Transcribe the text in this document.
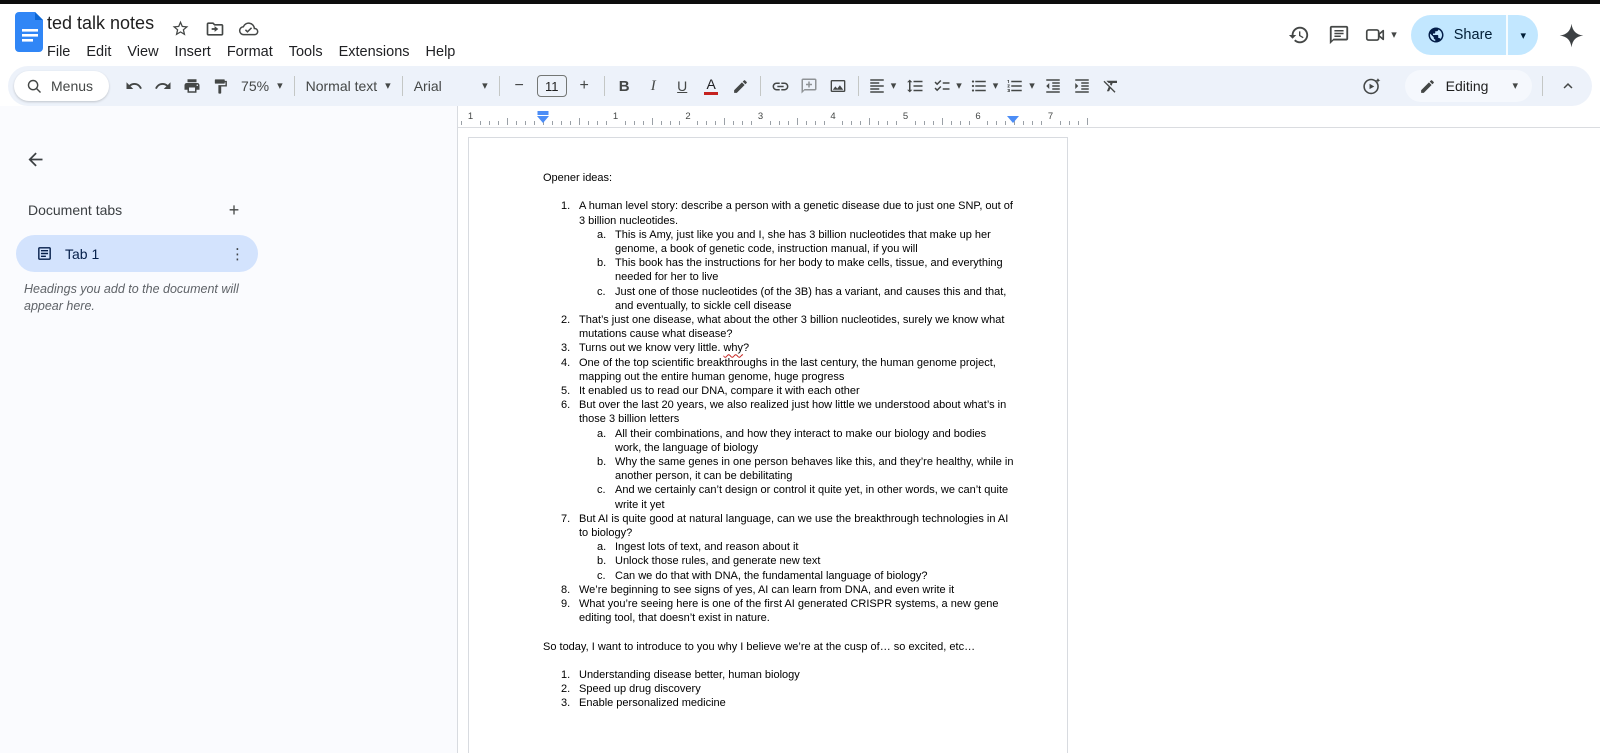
ted talk notes
File	Edit	View	Insert	Format	Tools	Extensions	Help
▾	Share	▾
Menus	75% ▾ Normal text ▾ Arial	▾	−	11	+	B	I	U	A	▾	▾	▾	▾	Editing ▾
1	1	2	3	4	5	6	7
Document tabs	+
Tab 1	⋮
Headings you add to the document will appear here.
Opener ideas:
1. A human level story: describe a person with a genetic disease due to just one SNP, out of 3 billion nucleotides.
a. This is Amy, just like you and I, she has 3 billion nucleotides that make up her genome, a book of genetic code, instruction manual, if you will
b. This book has the instructions for her body to make cells, tissue, and everything needed for her to live
c. Just one of those nucleotides (of the 3B) has a variant, and causes this and that, and eventually, to sickle cell disease
2. That’s just one disease, what about the other 3 billion nucleotides, surely we know what mutations cause what disease?
3. Turns out we know very little. why?
4. One of the top scientific breakthroughs in the last century, the human genome project, mapping out the entire human genome, huge progress
5. It enabled us to read our DNA, compare it with each other
6. But over the last 20 years, we also realized just how little we understood about what’s in those 3 billion letters
a. All their combinations, and how they interact to make our biology and bodies work, the language of biology
b. Why the same genes in one person behaves like this, and they’re healthy, while in another person, it can be debilitating
c. And we certainly can’t design or control it quite yet, in other words, we can’t quite write it yet
7. But AI is quite good at natural language, can we use the breakthrough technologies in AI to biology?
a. Ingest lots of text, and reason about it
b. Unlock those rules, and generate new text
c. Can we do that with DNA, the fundamental language of biology?
8. We’re beginning to see signs of yes, AI can learn from DNA, and even write it
9. What you’re seeing here is one of the first AI generated CRISPR systems, a new gene editing tool, that doesn’t exist in nature.
So today, I want to introduce to you why I believe we’re at the cusp of… so excited, etc…
1. Understanding disease better, human biology
2. Speed up drug discovery
3. Enable personalized medicine
